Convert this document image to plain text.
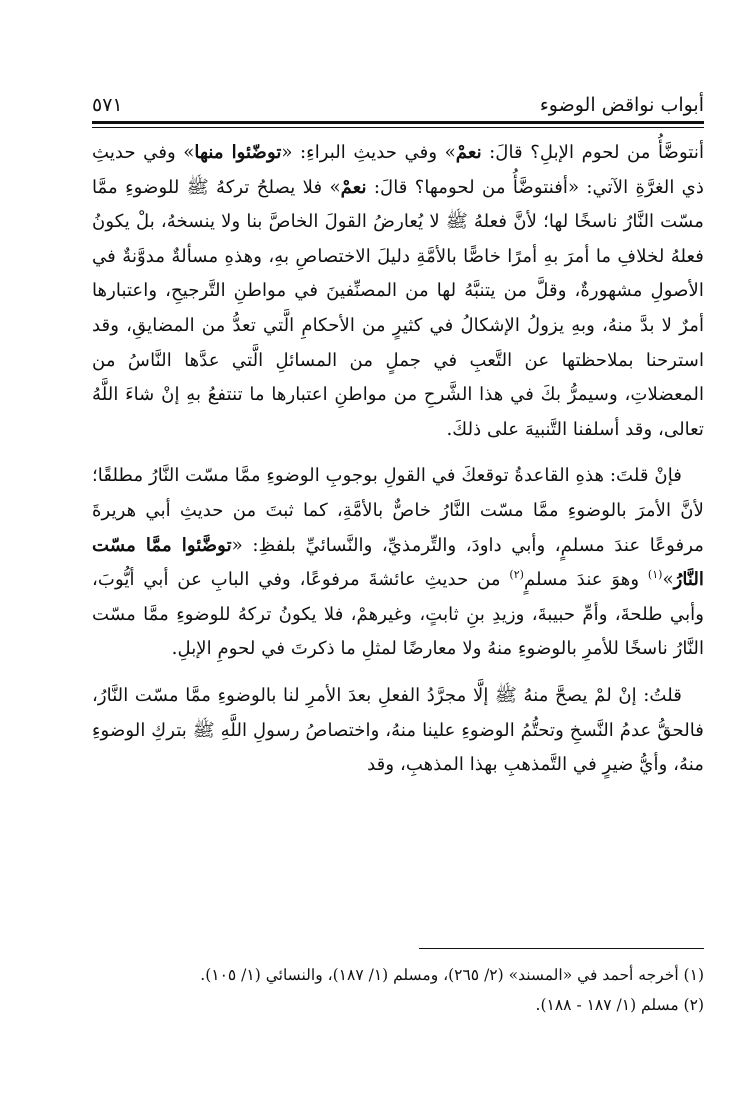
أبواب نواقض الوضوء
٥٧١

أنتوضَّأُ من لحوم الإبلِ؟ قالَ: نعمْ» وفي حديثِ البراءِ: «توضّئوا منها» وفي حديثِ ذي الغرَّةِ الآتي: «أفنتوضَّأُ من لحومها؟ قالَ: نعمْ» فلا يصلحُ تركهُ ﷺ للوضوءِ ممَّا مسّت النَّارُ ناسخًا لها؛ لأنَّ فعلهُ ﷺ لا يُعارضُ القولَ الخاصَّ بنا ولا ينسخهُ، بلْ يكونُ فعلهُ لخلافِ ما أمرَ بهِ أمرًا خاصًّا بالأمَّةِ دليلَ الاختصاصِ بهِ، وهذهِ مسألةٌ مدوَّنةٌ في الأصولِ مشهورةٌ، وقلَّ من يتنبَّهُ لها من المصنِّفينَ في مواطنِ التَّرجيحِ، واعتبارها أمرٌ لا بدَّ منهُ، وبهِ يزولُ الإشكالُ في كثيرٍ من الأحكامِ الَّتي تعدُّ من المضايقِ، وقد استرحنا بملاحظتها عن التَّعبِ في جملٍ من المسائلِ الَّتي عدَّها النَّاسُ من المعضلاتِ، وسيمرُّ بكَ في هذا الشَّرحِ من مواطنِ اعتبارها ما تنتفعُ بهِ إنْ شاءَ اللَّهُ تعالى، وقد أسلفنا التَّنبيهَ على ذلكَ.

فإنْ قلتَ: هذهِ القاعدةُ توقعكَ في القولِ بوجوبِ الوضوءِ ممَّا مسّت النَّارُ مطلقًا؛ لأنَّ الأمرَ بالوضوءِ ممَّا مسّت النَّارُ خاصٌّ بالأمَّةِ، كما ثبتَ من حديثِ أبي هريرةَ مرفوعًا عندَ مسلمٍ، وأبي داودَ، والتِّرمذيِّ، والنَّسائيِّ بلفظِ: «توضَّئوا ممَّا مسّت النَّارُ»$^{(١)}$ وهوَ عندَ مسلمٍ$^{(٢)}$ من حديثِ عائشةَ مرفوعًا، وفي البابِ عن أبي أيُّوبَ، وأبي طلحةَ، وأمِّ حبيبةَ، وزيدِ بنِ ثابتٍ، وغيرهمْ، فلا يكونُ تركهُ للوضوءِ ممَّا مسّت النَّارُ ناسخًا للأمرِ بالوضوءِ منهُ ولا معارضًا لمثلِ ما ذكرتَ في لحومِ الإبلِ.

قلتُ: إنْ لمْ يصحَّ منهُ ﷺ إلَّا مجرَّدُ الفعلِ بعدَ الأمرِ لنا بالوضوءِ ممَّا مسّت النَّارُ، فالحقُّ عدمُ النَّسخِ وتحتُّمُ الوضوءِ علينا منهُ، واختصاصُ رسولِ اللَّهِ ﷺ بتركِ الوضوءِ منهُ، وأيُّ ضيرٍ في التَّمذهبِ بهذا المذهبِ، وقد

(١) أخرجه أحمد في «المسند» (٢/ ٢٦٥)، ومسلم (١/ ١٨٧)، والنسائي (١/ ١٠٥).

(٢) مسلم (١/ ١٨٧ - ١٨٨).
